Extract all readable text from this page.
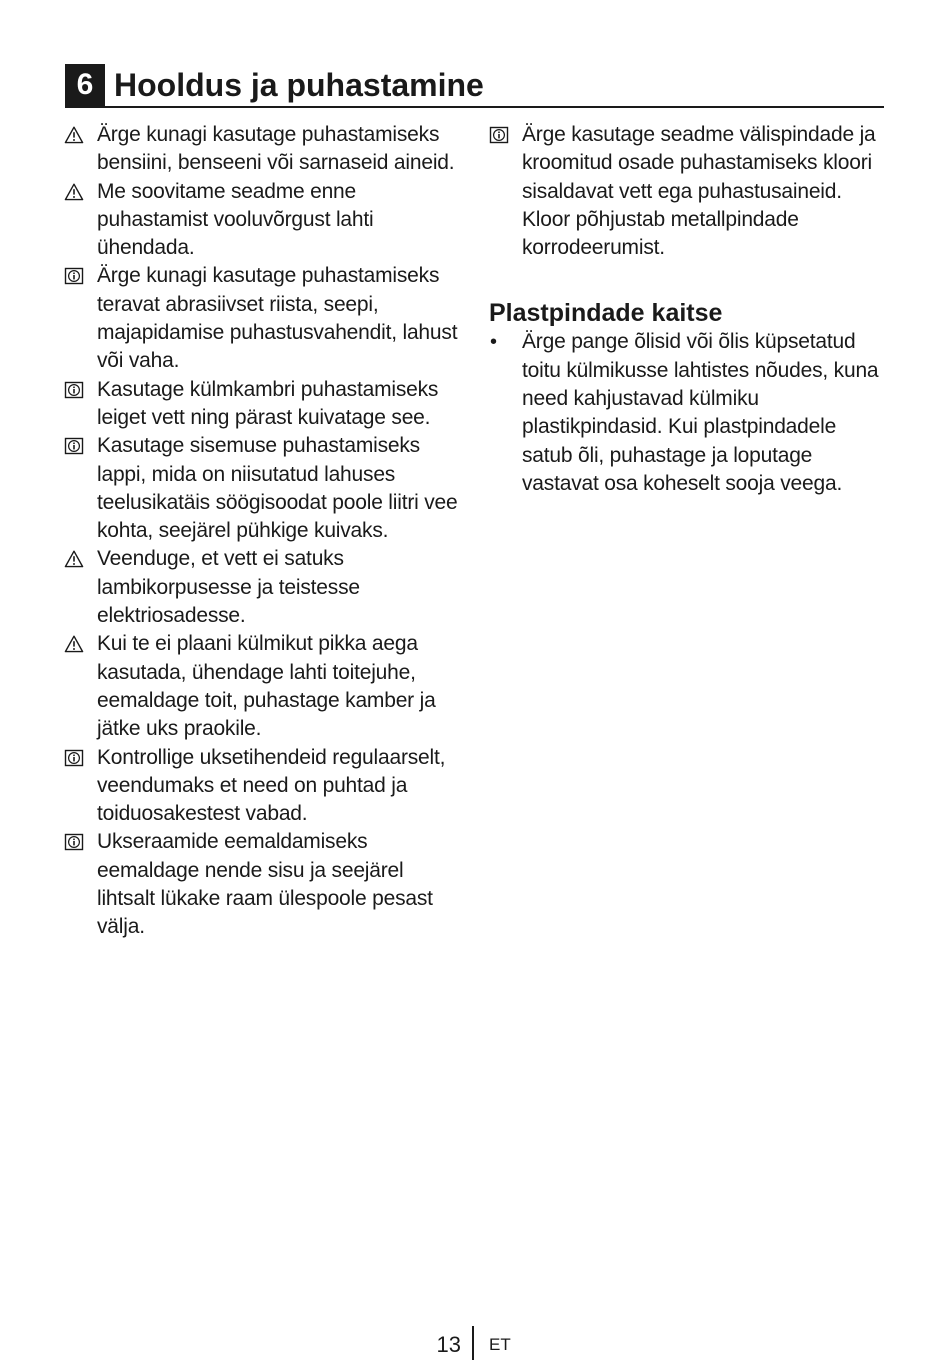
6 Hooldus ja puhastamine
Ärge kunagi kasutage puhastamiseks bensiini, benseeni või sarnaseid aineid.
Me soovitame seadme enne puhastamist vooluvõrgust lahti ühendada.
Ärge kunagi kasutage puhastamiseks teravat abrasiivset riista, seepi, majapidamise puhastusvahendit, lahust või vaha.
Kasutage külmkambri puhastamiseks leiget vett ning pärast kuivatage see.
Kasutage sisemuse puhastamiseks lappi, mida on niisutatud lahuses teelusikatäis söögisoodat poole liitri vee kohta, seejärel pühkige kuivaks.
Veenduge, et vett ei satuks lambikorpusesse ja teistesse elektriosadesse.
Kui te ei plaani külmikut pikka aega kasutada, ühendage lahti toitejuhe, eemaldage toit, puhastage kamber ja jätke uks praokile.
Kontrollige uksetihendeid regulaarselt, veendumaks et need on puhtad ja toiduosakestest vabad.
Ukseraamide eemaldamiseks eemaldage nende sisu ja seejärel lihtsalt lükake raam ülespoole pesast välja.
Ärge kasutage seadme välispindade ja kroomitud osade puhastamiseks kloori sisaldavat vett ega puhastusaineid. Kloor põhjustab metallpindade korrodeerumist.
Plastpindade kaitse
•	Ärge pange õlisid või õlis küpsetatud toitu külmikusse lahtistes nõudes, kuna need kahjustavad külmiku plastikpindasid. Kui plastpindadele satub õli, puhastage ja loputage vastavat osa koheselt sooja veega.
13 ET
